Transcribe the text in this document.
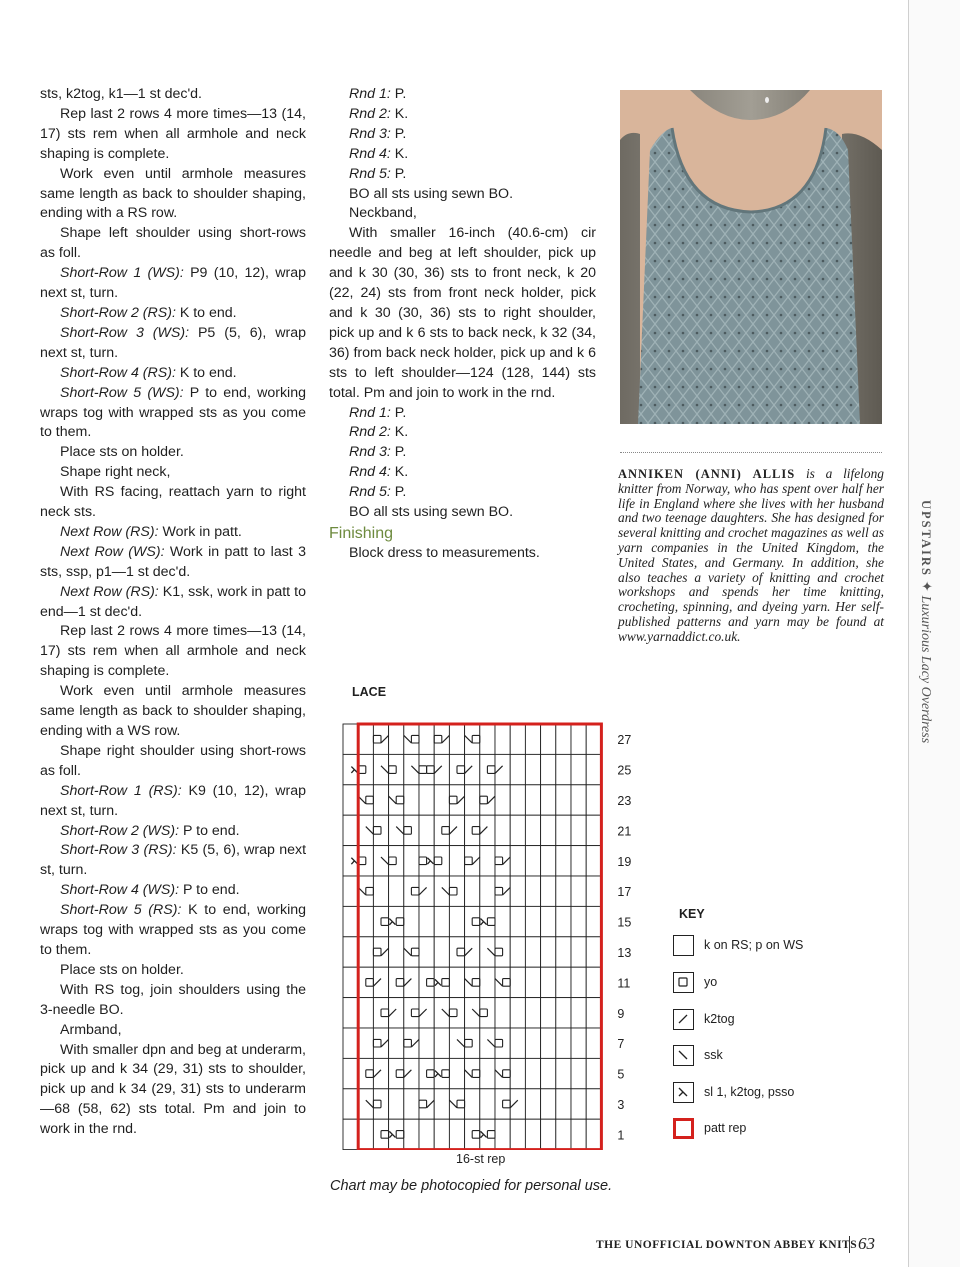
sts, k2tog, k1—1 st dec'd.

Rep last 2 rows 4 more times—13 (14, 17) sts rem when all armhole and neck shaping is complete.

Work even until armhole measures same length as back to shoulder shaping, ending with a RS row.

Shape left shoulder using short-rows as foll.

Short-Row 1 (WS): P9 (10, 12), wrap next st, turn.

Short-Row 2 (RS): K to end.

Short-Row 3 (WS): P5 (5, 6), wrap next st, turn.

Short-Row 4 (RS): K to end.

Short-Row 5 (WS): P to end, working wraps tog with wrapped sts as you come to them.

Place sts on holder.

Shape right neck,

With RS facing, reattach yarn to right neck sts.

Next Row (RS): Work in patt.

Next Row (WS): Work in patt to last 3 sts, ssp, p1—1 st dec'd.

Next Row (RS): K1, ssk, work in patt to end—1 st dec'd.

Rep last 2 rows 4 more times—13 (14, 17) sts rem when all armhole and neck shaping is complete.

Work even until armhole measures same length as back to shoulder shaping, ending with a WS row.

Shape right shoulder using short-rows as foll.

Short-Row 1 (RS): K9 (10, 12), wrap next st, turn.

Short-Row 2 (WS): P to end.

Short-Row 3 (RS): K5 (5, 6), wrap next st, turn.

Short-Row 4 (WS): P to end.

Short-Row 5 (RS): K to end, working wraps tog with wrapped sts as you come to them.

Place sts on holder.

With RS tog, join shoulders using the 3-needle BO.

Armband,

With smaller dpn and beg at underarm, pick up and k 34 (29, 31) sts to shoulder, pick up and k 34 (29, 31) sts to underarm—68 (58, 62) sts total. Pm and join to work in the rnd.

Rnd 1: P.

Rnd 2: K.

Rnd 3: P.

Rnd 4: K.

Rnd 5: P.

BO all sts using sewn BO.

Neckband,

With smaller 16-inch (40.6-cm) cir needle and beg at left shoulder, pick up and k 30 (30, 36) sts to front neck, k 20 (22, 24) sts from front neck holder, pick and k 30 (30, 36) sts to right shoulder, pick up and k 6 sts to back neck, k 32 (34, 36) from back neck holder, pick up and k 6 sts to left shoulder—124 (128, 144) sts total. Pm and join to work in the rnd.

Rnd 1: P.

Rnd 2: K.

Rnd 3: P.

Rnd 4: K.

Rnd 5: P.

BO all sts using sewn BO.

Finishing

Block dress to measurements.

ANNIKEN (ANNI) ALLIS is a lifelong knitter from Norway, who has spent over half her life in England where she lives with her husband and two teenage daughters. She has designed for several knitting and crochet magazines as well as yarn companies in the United Kingdom, the United States, and Germany. In addition, she also teaches a variety of knitting and crochet workshops and spends her time knitting, crocheting, spinning, and dyeing yarn. Her self-published patterns and yarn may be found at www.yarnaddict.co.uk.
UPSTAIRS ✦ Luxurious Lacy Overdress
LACE
27
25
23
21
19
17
15
13
11
9
7
5
3
1
16-st rep
Chart may be photocopied for personal use.
KEY
k on RS; p on WS
yo
k2tog
ssk
sl 1, k2tog, psso
patt rep
THE UNOFFICIAL DOWNTON ABBEY KNITS 63
